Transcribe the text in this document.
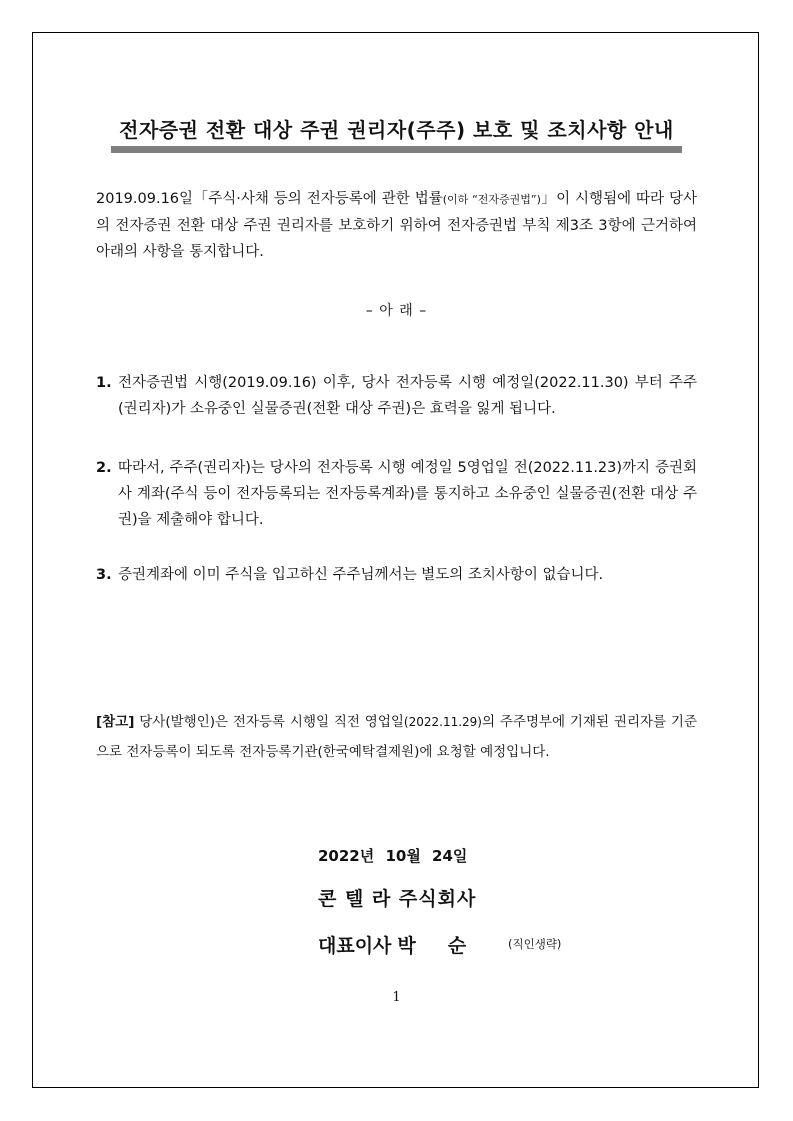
전자증권 전환 대상 주권 권리자(주주) 보호 및 조치사항 안내
2019.09.16일「주식·사채 등의 전자등록에 관한 법률(이하 “전자증권법”)」이 시행됨에 따라 당사의 전자증권 전환 대상 주권 권리자를 보호하기 위하여 전자증권법 부칙 제3조 3항에 근거하여 아래의 사항을 통지합니다.
– 아 래 –
1. 전자증권법 시행(2019.09.16) 이후, 당사 전자등록 시행 예정일(2022.11.30) 부터 주주(권리자)가 소유중인 실물증권(전환 대상 주권)은 효력을 잃게 됩니다.
2. 따라서, 주주(권리자)는 당사의 전자등록 시행 예정일 5영업일 전(2022.11.23)까지 증권회사 계좌(주식 등이 전자등록되는 전자등록계좌)를 통지하고 소유중인 실물증권(전환 대상 주권)을 제출해야 합니다.
3. 증권계좌에 이미 주식을 입고하신 주주님께서는 별도의 조치사항이 없습니다.
[참고] 당사(발행인)은 전자등록 시행일 직전 영업일(2022.11.29)의 주주명부에 기재된 권리자를 기준으로 전자등록이 되도록 전자등록기관(한국예탁결제원)에 요청할 예정입니다.
2022년 10월 24일
콘 텔 라 주식회사
대표이사 박 순	(직인생략)
1
